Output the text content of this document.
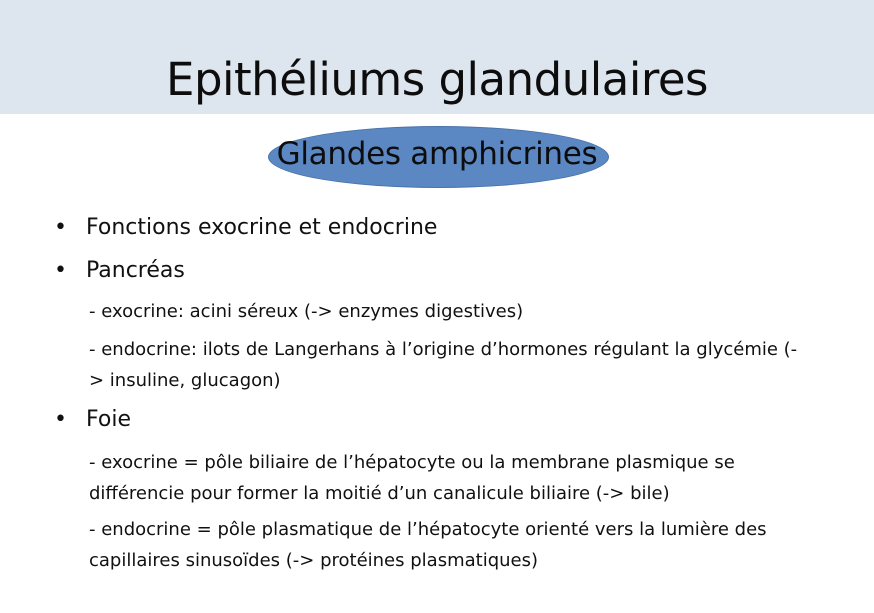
Epithéliums glandulaires
Glandes amphicrines
• Fonctions exocrine et endocrine
• Pancréas
- exocrine: acini séreux (-> enzymes digestives)
- endocrine: ilots de Langerhans à l’origine d’hormones régulant la glycémie (-> insuline, glucagon)
• Foie
- exocrine = pôle biliaire de l’hépatocyte ou la membrane plasmique se différencie pour former la moitié d’un canalicule biliaire (-> bile)
- endocrine = pôle plasmatique de l’hépatocyte orienté vers la lumière des capillaires sinusoïdes (-> protéines plasmatiques)
